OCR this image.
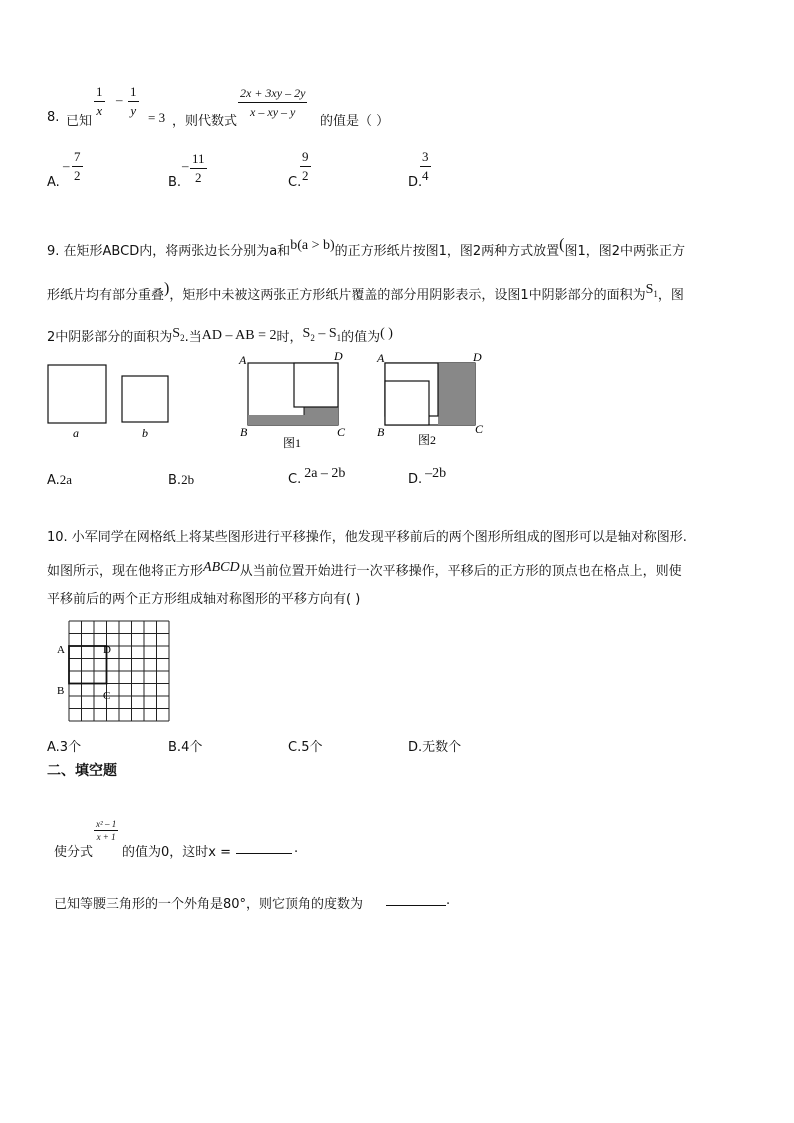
8. 已知
$\frac{1}{x} - \frac{1}{y} = 3$ ，则代数式
$\frac{2x + 3xy - 2y}{x - xy - y}$
的值是（ ）
A.
– $\frac{7}{2}$	B.
– $\frac{11}{2}$	C.
$\frac{9}{2}$	D.
$\frac{3}{4}$
9. 在矩形ABCD内，将两张边长分别为a和b(a > b)的正方形纸片按图1，图2两种方式放置(图1，图2中两张正方
形纸片均有部分重叠)，矩形中未被这两张正方形纸片覆盖的部分用阴影表示，设图1中阴影部分的面积为$S_1$，图
2中阴影部分的面积为$S_2$.当AD – AB = 2时，$S_2 - S_1$的值为( )
a	b
A	D
B	C
图1
A	D
B	C
图2
A.2a	B.2b	C. 2a – 2b	D. –2b
10. 小军同学在网格纸上将某些图形进行平移操作，他发现平移前后的两个图形所组成的图形可以是轴对称图形.
如图所示，现在他将正方形ABCD从当前位置开始进行一次平移操作，平移后的正方形的顶点也在格点上，则使
平移前后的两个正方形组成轴对称图形的平移方向有( )
A	D
B	C
A.3个	B.4个	C.5个	D.无数个
二、填空题
使分式
$\frac{\text{x² – 1}}{x + 1}$
的值为0，这时x =	.
已知等腰三角形的一个外角是80°，则它顶角的度数为	.
